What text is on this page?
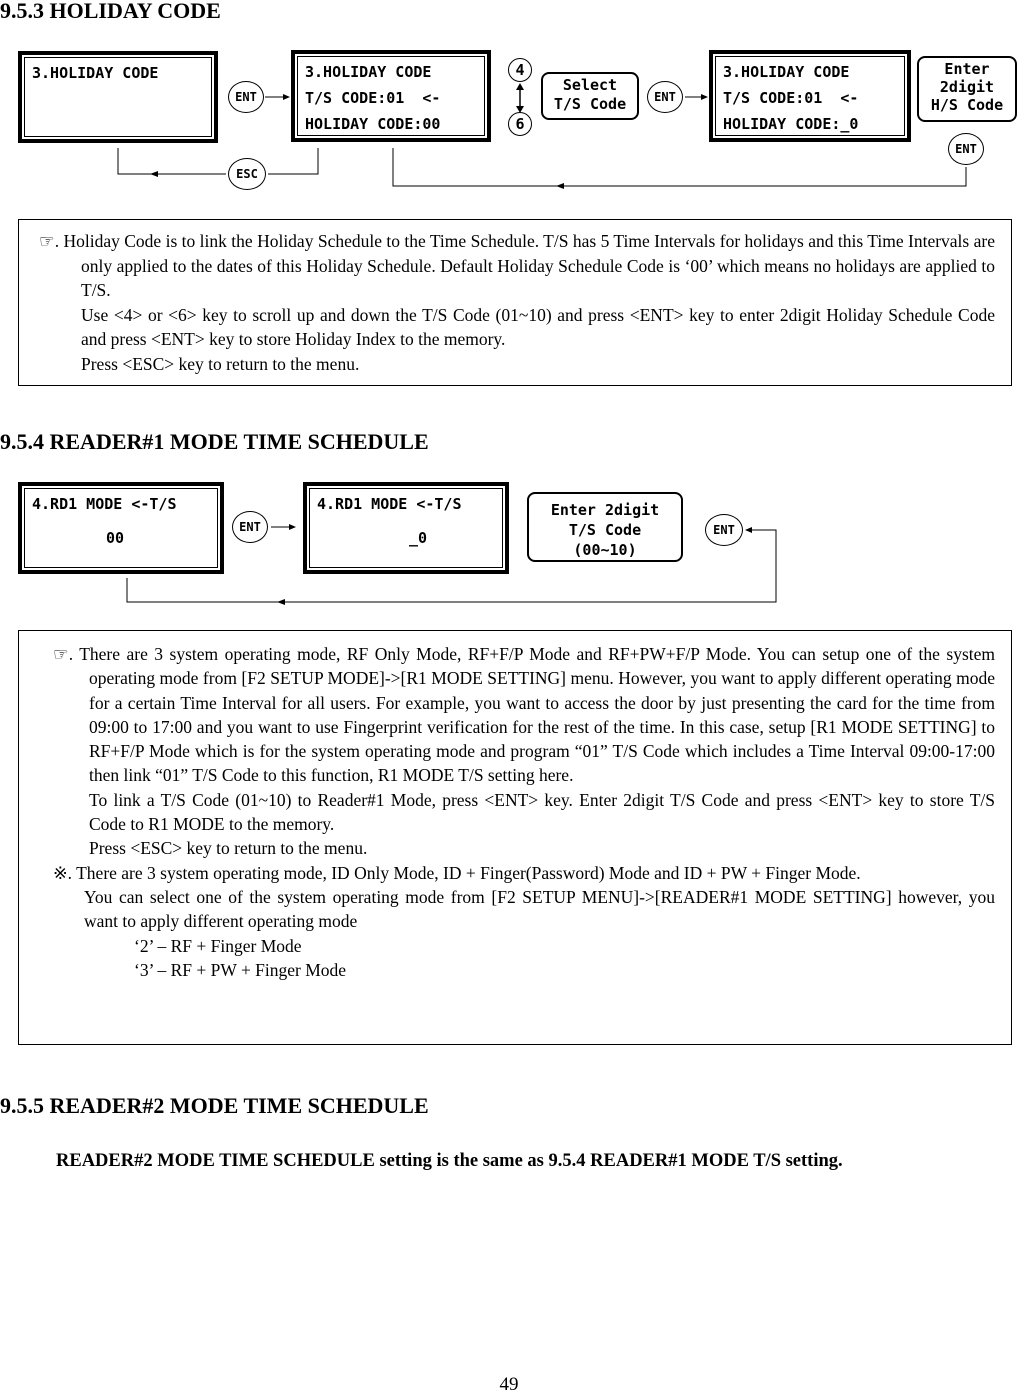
9.5.3 HOLIDAY CODE
3.HOLIDAY CODE
ENT
3.HOLIDAY CODE
T/S CODE:01  <-
HOLIDAY CODE:00
4
6
Select
T/S Code	ENT
3.HOLIDAY CODE
T/S CODE:01  <-
HOLIDAY CODE:_0
Enter
2digit
H/S Code
ENT
ESC

☞. Holiday Code is to link the Holiday Schedule to the Time Schedule. T/S has 5 Time Intervals for holidays and this Time Intervals are only applied to the dates of this Holiday Schedule. Default Holiday Schedule Code is ‘00’ which means no holidays are applied to T/S.

Use <4> or <6> key to scroll up and down the T/S Code (01~10) and press <ENT> key to enter 2digit Holiday Schedule Code and press <ENT> key to store Holiday Index to the memory.

Press <ESC> key to return to the menu.

9.5.4 READER#1 MODE TIME SCHEDULE
4.RD1 MODE <-T/S

00
ENT
4.RD1 MODE <-T/S

_0
Enter 2digit
T/S Code
(00~10)
ENT

☞. There are 3 system operating mode, RF Only Mode, RF+F/P Mode and RF+PW+F/P Mode. You can setup one of the system operating mode from [F2 SETUP MODE]->[R1 MODE SETTING] menu. However, you want to apply different operating mode for a certain Time Interval for all users. For example, you want to access the door by just presenting the card for the time from 09:00 to 17:00 and you want to use Fingerprint verification for the rest of the time. In this case, setup [R1 MODE SETTING] to RF+F/P Mode which is for the system operating mode and program “01” T/S Code which includes a Time Interval 09:00-17:00 then link “01” T/S Code to this function, R1 MODE T/S setting here.

To link a T/S Code (01~10) to Reader#1 Mode, press <ENT> key. Enter 2digit T/S Code and press <ENT> key to store T/S Code to R1 MODE to the memory.

Press <ESC> key to return to the menu.

※. There are 3 system operating mode, ID Only Mode, ID + Finger(Password) Mode and ID + PW + Finger Mode.

You can select one of the system operating mode from [F2 SETUP MENU]->[READER#1 MODE SETTING] however, you want to apply different operating mode

‘2’ – RF + Finger Mode

‘3’ – RF + PW + Finger Mode

9.5.5 READER#2 MODE TIME SCHEDULE
READER#2 MODE TIME SCHEDULE setting is the same as 9.5.4 READER#1 MODE T/S setting.
49
